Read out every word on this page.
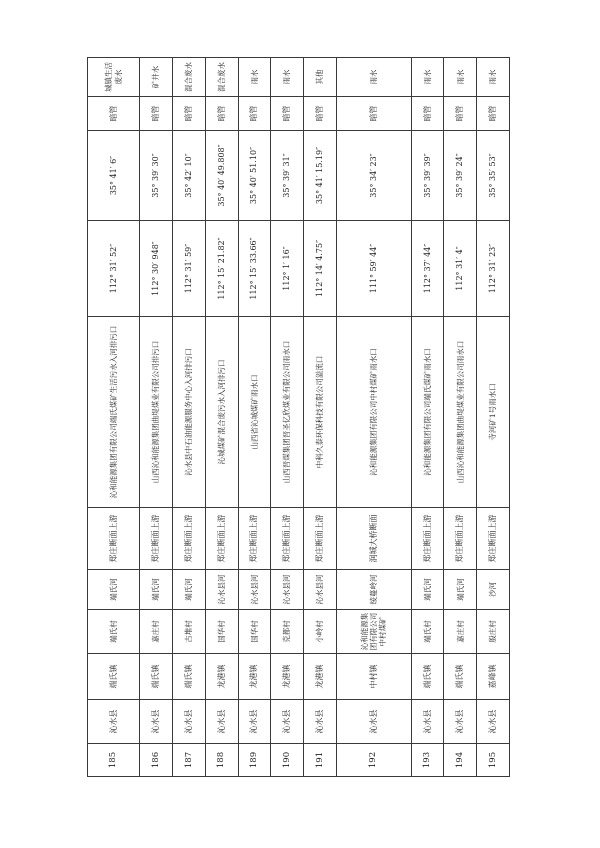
185	沁水县	端氏镇	端氏村	端氏河	郑庄断面上游	沁和能源集团有限公司端氏煤矿生活污水入河排污口	112° 31′ 52″	35° 41′ 6″	暗管	城镇生活废水
186	沁水县	端氏镇	嘉庄村	端氏河	郑庄断面上游	山西沁和能源集团曲堤煤业有限公司排污口	112° 30′ 948″	35° 39′ 30″	暗管	矿井水
187	沁水县	端氏镇	古堆村	端氏河	郑庄断面上游	沁水县中石油能源服务中心入河排污口	112° 31′ 59″	35° 42′ 10″	暗管	混合废水
188	沁水县	龙港镇	国华村	沁水县河	郑庄断面上游	沁城煤矿混合废污水入河排污口	112° 15′ 21.82″	35° 40′ 49.808″	暗管	混合废水
189	沁水县	龙港镇	国华村	沁水县河	郑庄断面上游	山西省沁城煤矿雨水口	112° 15′ 33.66″	35° 40′ 51.10″	暗管	雨水
190	沁水县	龙港镇	克都村	沁水县河	郑庄断面上游	山西晋煤集团晋圣亿欣煤业有限公司雨水口	112° 1′ 16″	35° 39′ 31″	暗管	雨水
191	沁水县	龙港镇	小岭村	沁水县河	郑庄断面上游	中科久泰环保科技有限公司溢流口	112° 14′ 4.75″	35° 41′ 15.19″	暗管	其他
192	沁水县	中村镇	沁和能源集团有限公司中村煤矿	绫蔓岭河	润城大桥断面	沁和能源集团有限公司中村煤矿雨水口	111° 59′ 44″	35° 34′ 23″	暗管	雨水
193	沁水县	端氏镇	端氏村	端氏河	郑庄断面上游	沁和能源集团有限公司端氏煤矿雨水口	112° 37′ 44″	35° 39′ 39″	暗管	雨水
194	沁水县	端氏镇	嘉庄村	端氏河	郑庄断面上游	山西沁和能源集团曲堤煤业有限公司雨水口	112° 31′ 4″	35° 39′ 24″	暗管	雨水
195	沁水县	嘉峰镇	殷庄村	沙河	郑庄断面上游	寺河矿1号雨水口	112° 31′ 23″	35° 35′ 53″	暗管	雨水
